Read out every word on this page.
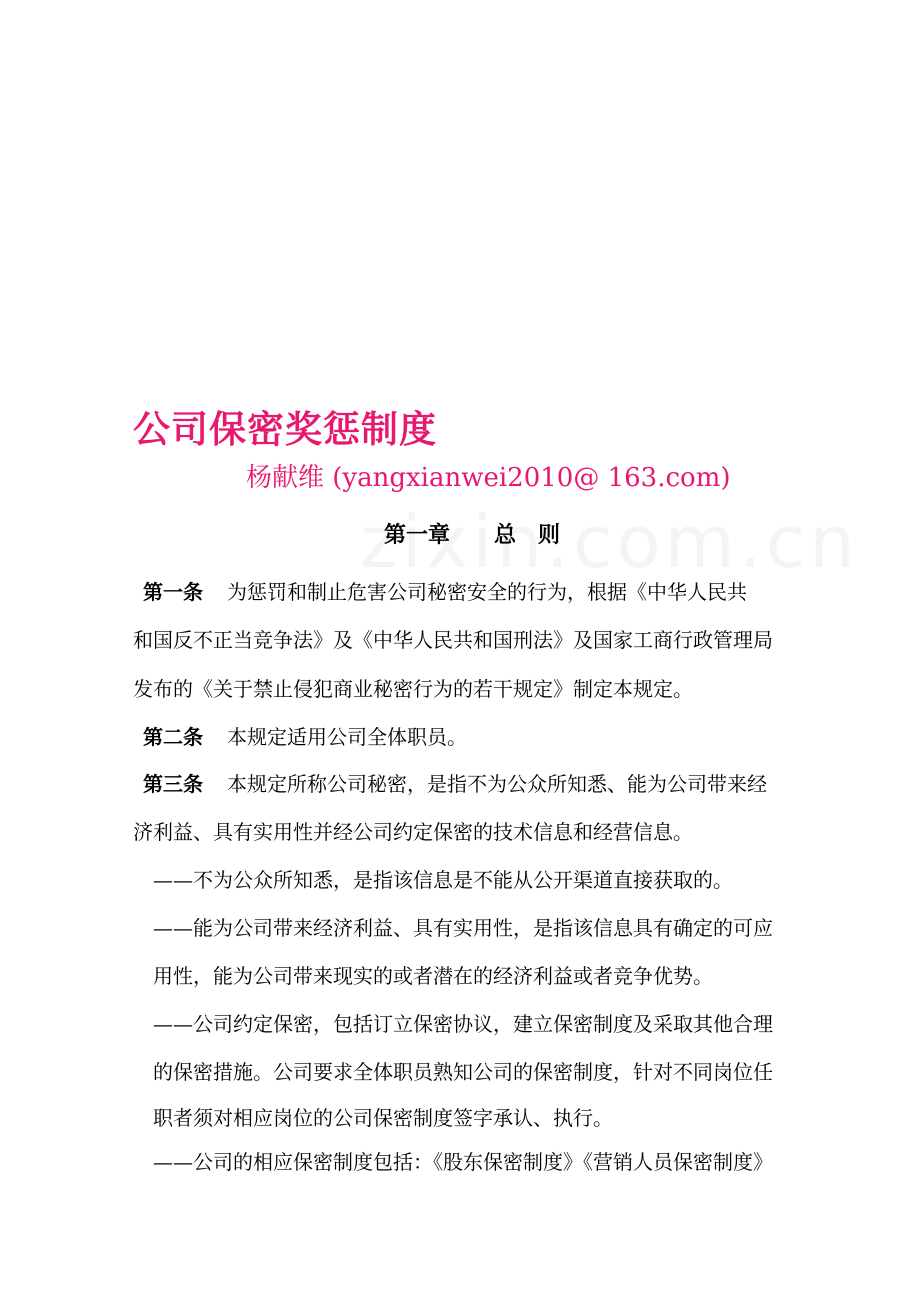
公司保密奖惩制度
杨献维 (yangxianwei2010@ 163.com)
第一章　　总　则
第一条 为惩罚和制止危害公司秘密安全的行为，根据《中华人民共
和国反不正当竞争法》及《中华人民共和国刑法》及国家工商行政管理局
发布的《关于禁止侵犯商业秘密行为的若干规定》制定本规定。
第二条 本规定适用公司全体职员。
第三条 本规定所称公司秘密，是指不为公众所知悉、能为公司带来经
济利益、具有实用性并经公司约定保密的技术信息和经营信息。
——不为公众所知悉，是指该信息是不能从公开渠道直接获取的。
——能为公司带来经济利益、具有实用性，是指该信息具有确定的可应
用性，能为公司带来现实的或者潜在的经济利益或者竞争优势。
——公司约定保密，包括订立保密协议，建立保密制度及采取其他合理
的保密措施。公司要求全体职员熟知公司的保密制度，针对不同岗位任
职者须对相应岗位的公司保密制度签字承认、执行。
——公司的相应保密制度包括：《股东保密制度》《营销人员保密制度》
